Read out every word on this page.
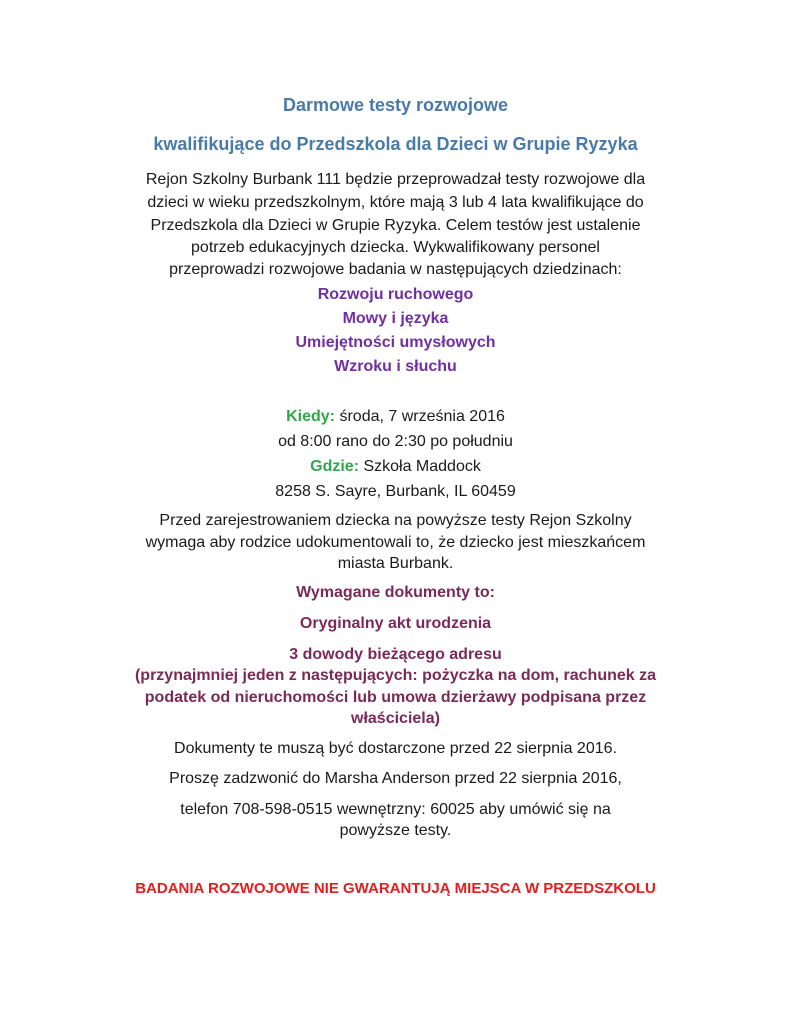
Darmowe testy rozwojowe
kwalifikujące do Przedszkola dla Dzieci w Grupie Ryzyka
Rejon Szkolny Burbank 111 będzie przeprowadzał testy rozwojowe dla
dzieci w wieku przedszkolnym, które mają 3 lub 4 lata kwalifikujące do
Przedszkola dla Dzieci w Grupie Ryzyka. Celem testów jest ustalenie
potrzeb edukacyjnych dziecka. Wykwalifikowany personel
przeprowadzi rozwojowe badania w następujących dziedzinach:
Rozwoju ruchowego
Mowy i języka
Umiejętności umysłowych
Wzroku i słuchu
Kiedy: środa, 7 września 2016
od 8:00 rano do 2:30 po południu
Gdzie: Szkoła Maddock
8258 S. Sayre, Burbank, IL 60459
Przed zarejestrowaniem dziecka na powyższe testy Rejon Szkolny
wymaga aby rodzice udokumentowali to, że dziecko jest mieszkańcem
miasta Burbank.
Wymagane dokumenty to:
Oryginalny akt urodzenia
3 dowody bieżącego adresu
(przynajmniej jeden z następujących: pożyczka na dom, rachunek za
podatek od nieruchomości lub umowa dzierżawy podpisana przez
właściciela)
Dokumenty te muszą być dostarczone przed 22 sierpnia 2016.
Proszę zadzwonić do Marsha Anderson przed 22 sierpnia 2016,
telefon 708-598-0515 wewnętrzny: 60025 aby umówić się na
powyższe testy.
BADANIA ROZWOJOWE NIE GWARANTUJĄ MIEJSCA W PRZEDSZKOLU
